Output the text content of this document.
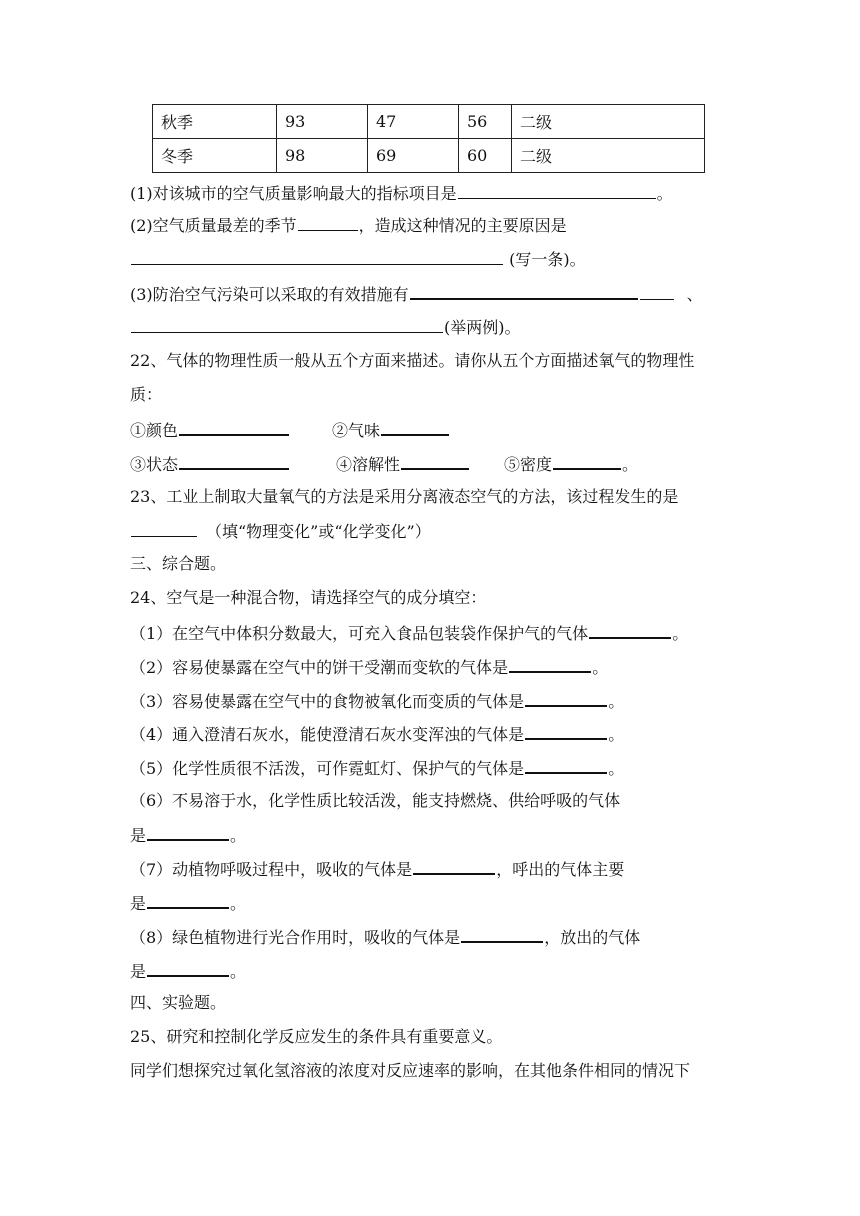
秋季	93	47	56	二级
冬季	98	69	60	二级
(1)对该城市的空气质量影响最大的指标项目是	。
(2)空气质量最差的季节	，造成这种情况的主要原因是
(写一条)。
(3)防治空气污染可以采取的有效措施有	、
(举两例)。
22、气体的物理性质一般从五个方面来描述。请你从五个方面描述氧气的物理性
质：
①颜色	②气味
③状态	④溶解性	⑤密度	。
23、工业上制取大量氧气的方法是采用分离液态空气的方法，该过程发生的是
（填“物理变化”或“化学变化”）
三、综合题。
24、空气是一种混合物，请选择空气的成分填空：
（1）在空气中体积分数最大，可充入食品包装袋作保护气的气体	。
（2）容易使暴露在空气中的饼干受潮而变软的气体是	。
（3）容易使暴露在空气中的食物被氧化而变质的气体是	。
（4）通入澄清石灰水，能使澄清石灰水变浑浊的气体是	。
（5）化学性质很不活泼，可作霓虹灯、保护气的气体是	。
（6）不易溶于水，化学性质比较活泼，能支持燃烧、供给呼吸的气体
是	。
（7）动植物呼吸过程中，吸收的气体是	，呼出的气体主要
是	。
（8）绿色植物进行光合作用时，吸收的气体是	，放出的气体
是	。
四、实验题。
25、研究和控制化学反应发生的条件具有重要意义。
同学们想探究过氧化氢溶液的浓度对反应速率的影响，在其他条件相同的情况下
